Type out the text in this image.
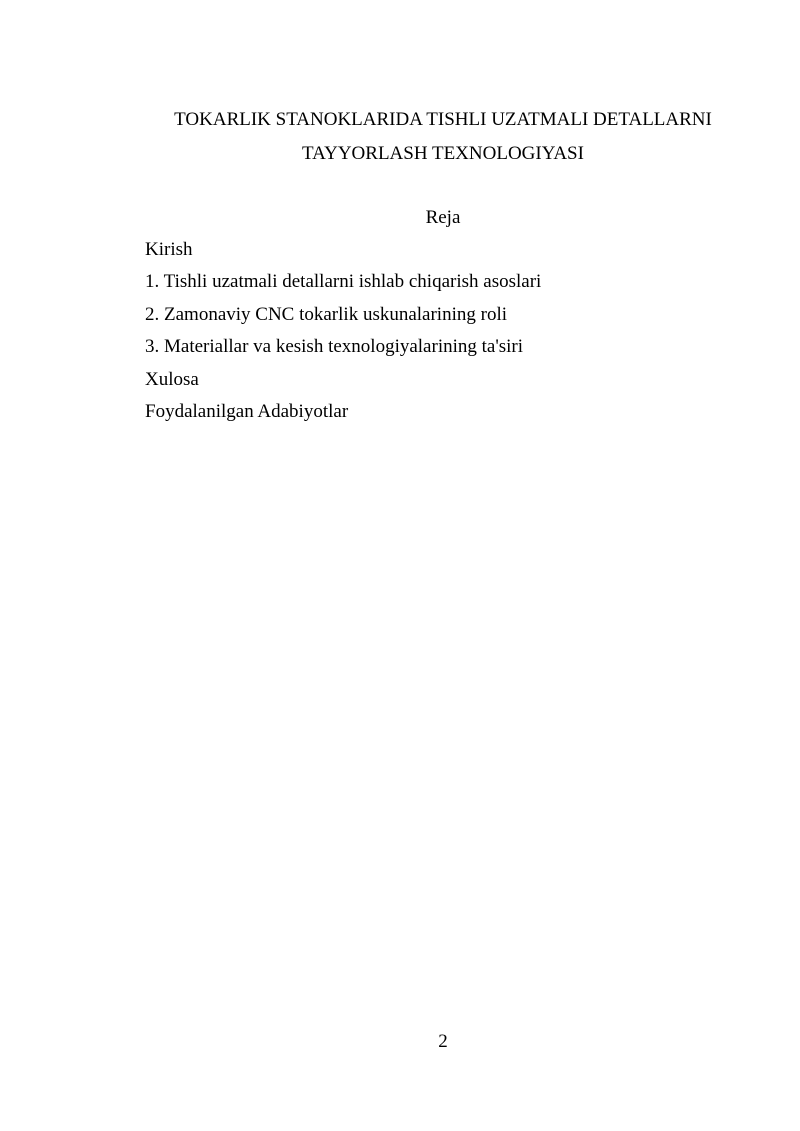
TOKARLIK STANOKLARIDA TISHLI UZATMALI DETALLARNI
TAYYORLASH TEXNOLOGIYASI
Reja
Kirish
1. Tishli uzatmali detallarni ishlab chiqarish asoslari
2. Zamonaviy CNC tokarlik uskunalarining roli
3. Materiallar va kesish texnologiyalarining ta'siri
Xulosa
Foydalanilgan Adabiyotlar
2
